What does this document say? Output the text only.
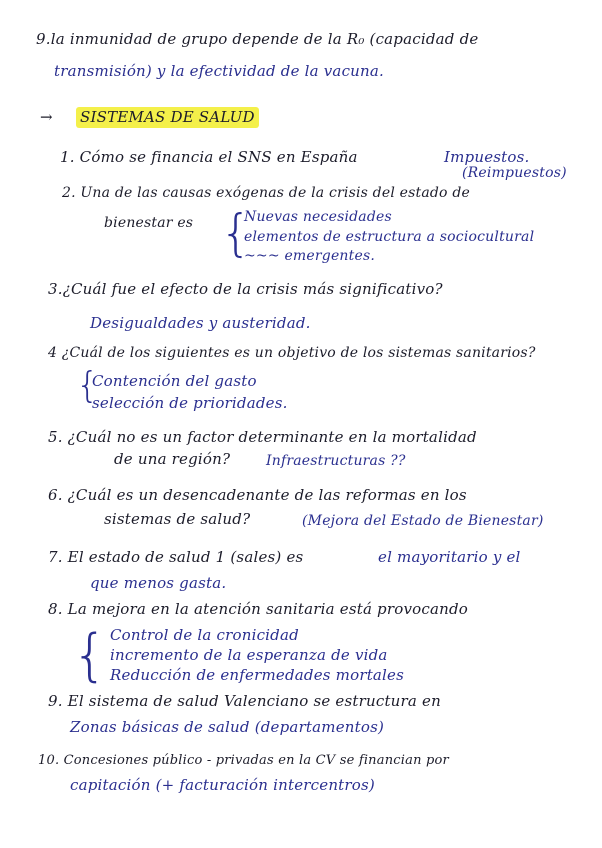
9.la inmunidad de grupo depende de la R₀ (capacidad de
transmisión) y la efectividad de la vacuna.
→ SISTEMAS DE SALUD
1. Cómo se financia el SNS en España	Impuestos.
(Reimpuestos)
2. Una de las causas exógenas de la crisis del estado de
bienestar es {
Nuevas necesidades
elementos de estructura a sociocultural
~~~ emergentes.
3.¿Cuál fue el efecto de la crisis más significativo?
Desigualdades y austeridad.
4 ¿Cuál de los siguientes es un objetivo de los sistemas sanitarios?
{
Contención del gasto
selección de prioridades.
5. ¿Cuál no es un factor determinante en la mortalidad
de una región?	Infraestructuras ??
6. ¿Cuál es un desencadenante de las reformas en los
sistemas de salud?	(Mejora del Estado de Bienestar)
7. El estado de salud 1 (sales) es	el mayoritario y el
que menos gasta.
8. La mejora en la atención sanitaria está provocando
{ Control de la cronicidad
incremento de la esperanza de vida
Reducción de enfermedades mortales
9. El sistema de salud Valenciano se estructura en
Zonas básicas de salud (departamentos)
10. Concesiones público - privadas en la CV se financian por
capitación (+ facturación intercentros)
